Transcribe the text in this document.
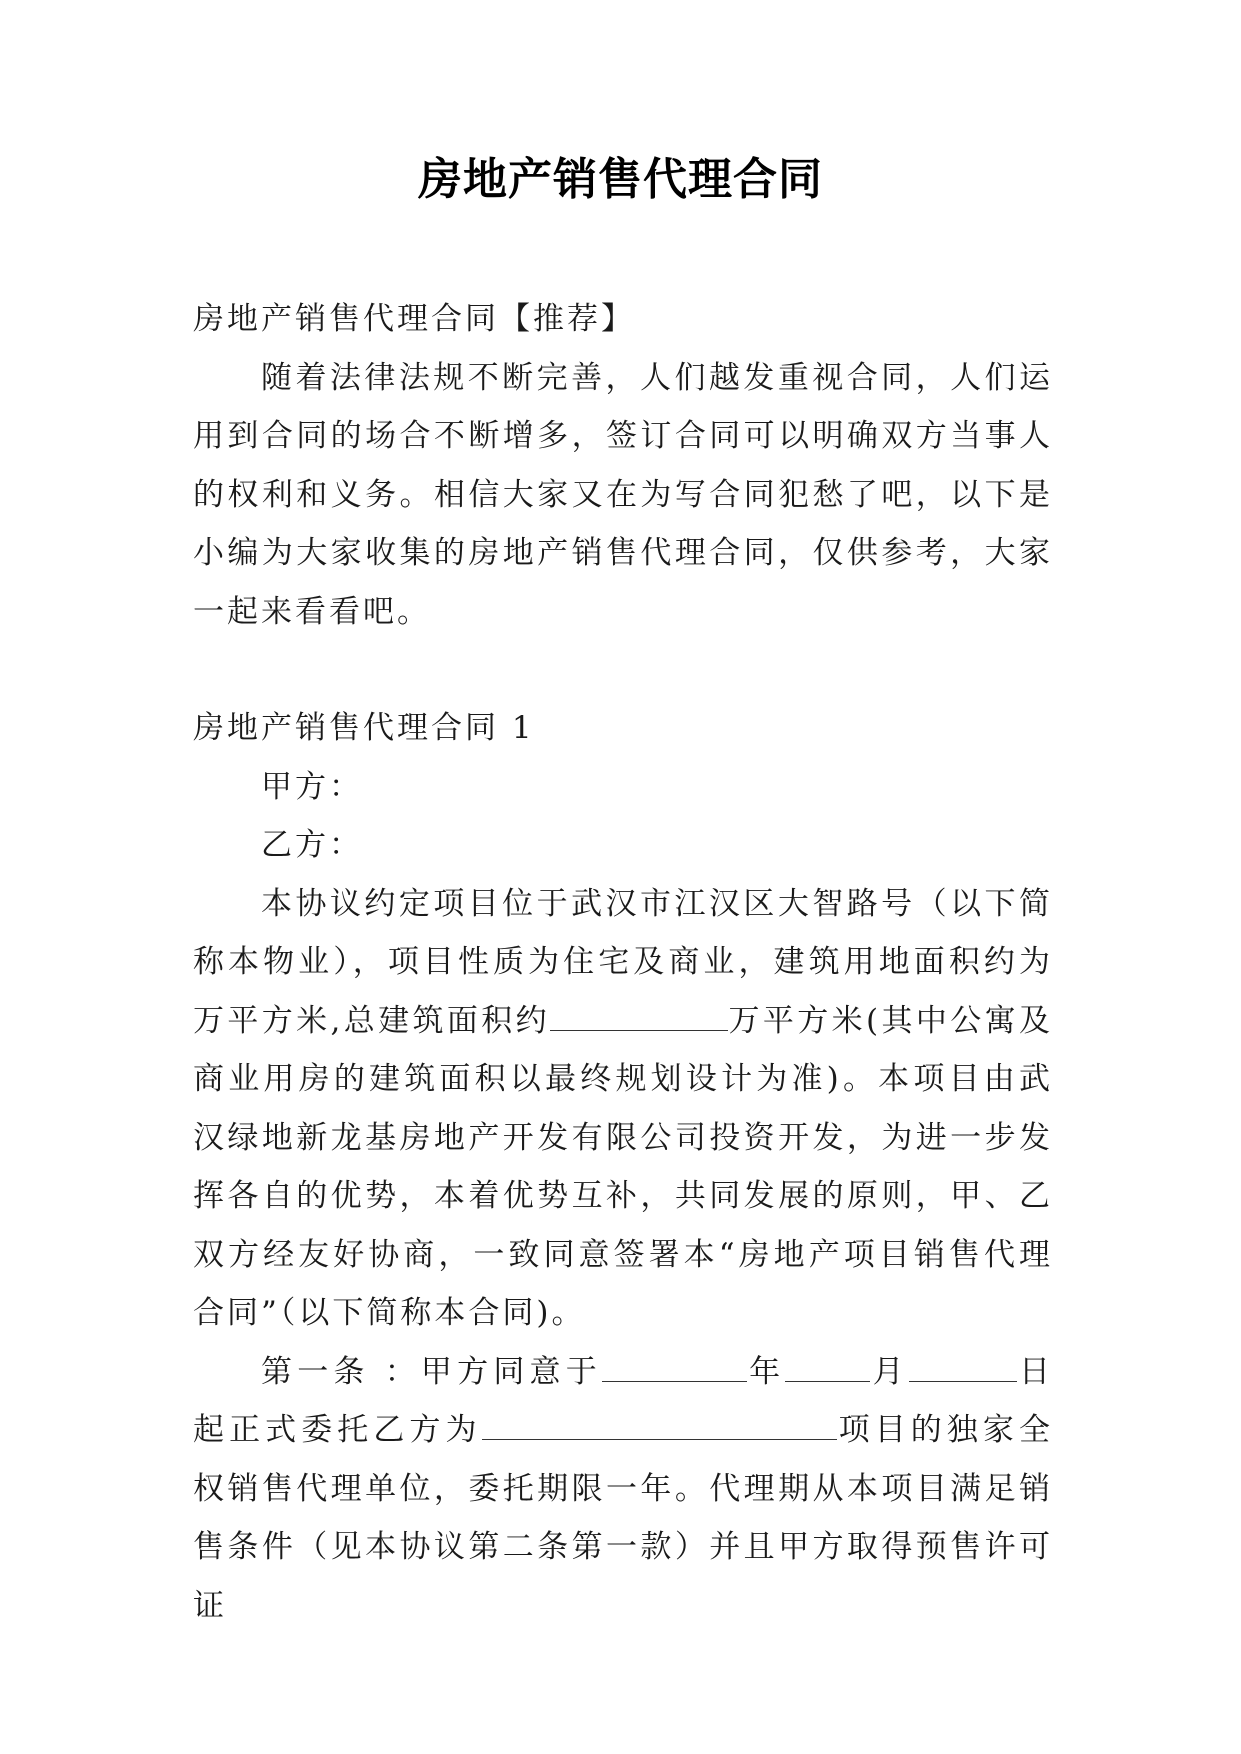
房地产销售代理合同

房地产销售代理合同【推荐】

随着法律法规不断完善，人们越发重视合同，人们运用到合同的场合不断增多，签订合同可以明确双方当事人的权利和义务。相信大家又在为写合同犯愁了吧，以下是小编为大家收集的房地产销售代理合同，仅供参考，大家一起来看看吧。

房地产销售代理合同 1

甲方：

乙方：

本协议约定项目位于武汉市江汉区大智路号（以下简称本物业），项目性质为住宅及商业，建筑用地面积约为万平方米,总建筑面积约	万平方米(其中公寓及商业用房的建筑面积以最终规划设计为准)。本项目由武汉绿地新龙基房地产开发有限公司投资开发，为进一步发挥各自的优势，本着优势互补，共同发展的原则，甲、乙双方经友好协商，一致同意签署本“房地产项目销售代理合同”（以下简称本合同)。

第一条 ：甲方同意于	年	月	日起正式委托乙方为	项目的独家全权销售代理单位，委托期限一年。代理期从本项目满足销售条件（见本协议第二条第一款）并且甲方取得预售许可证
